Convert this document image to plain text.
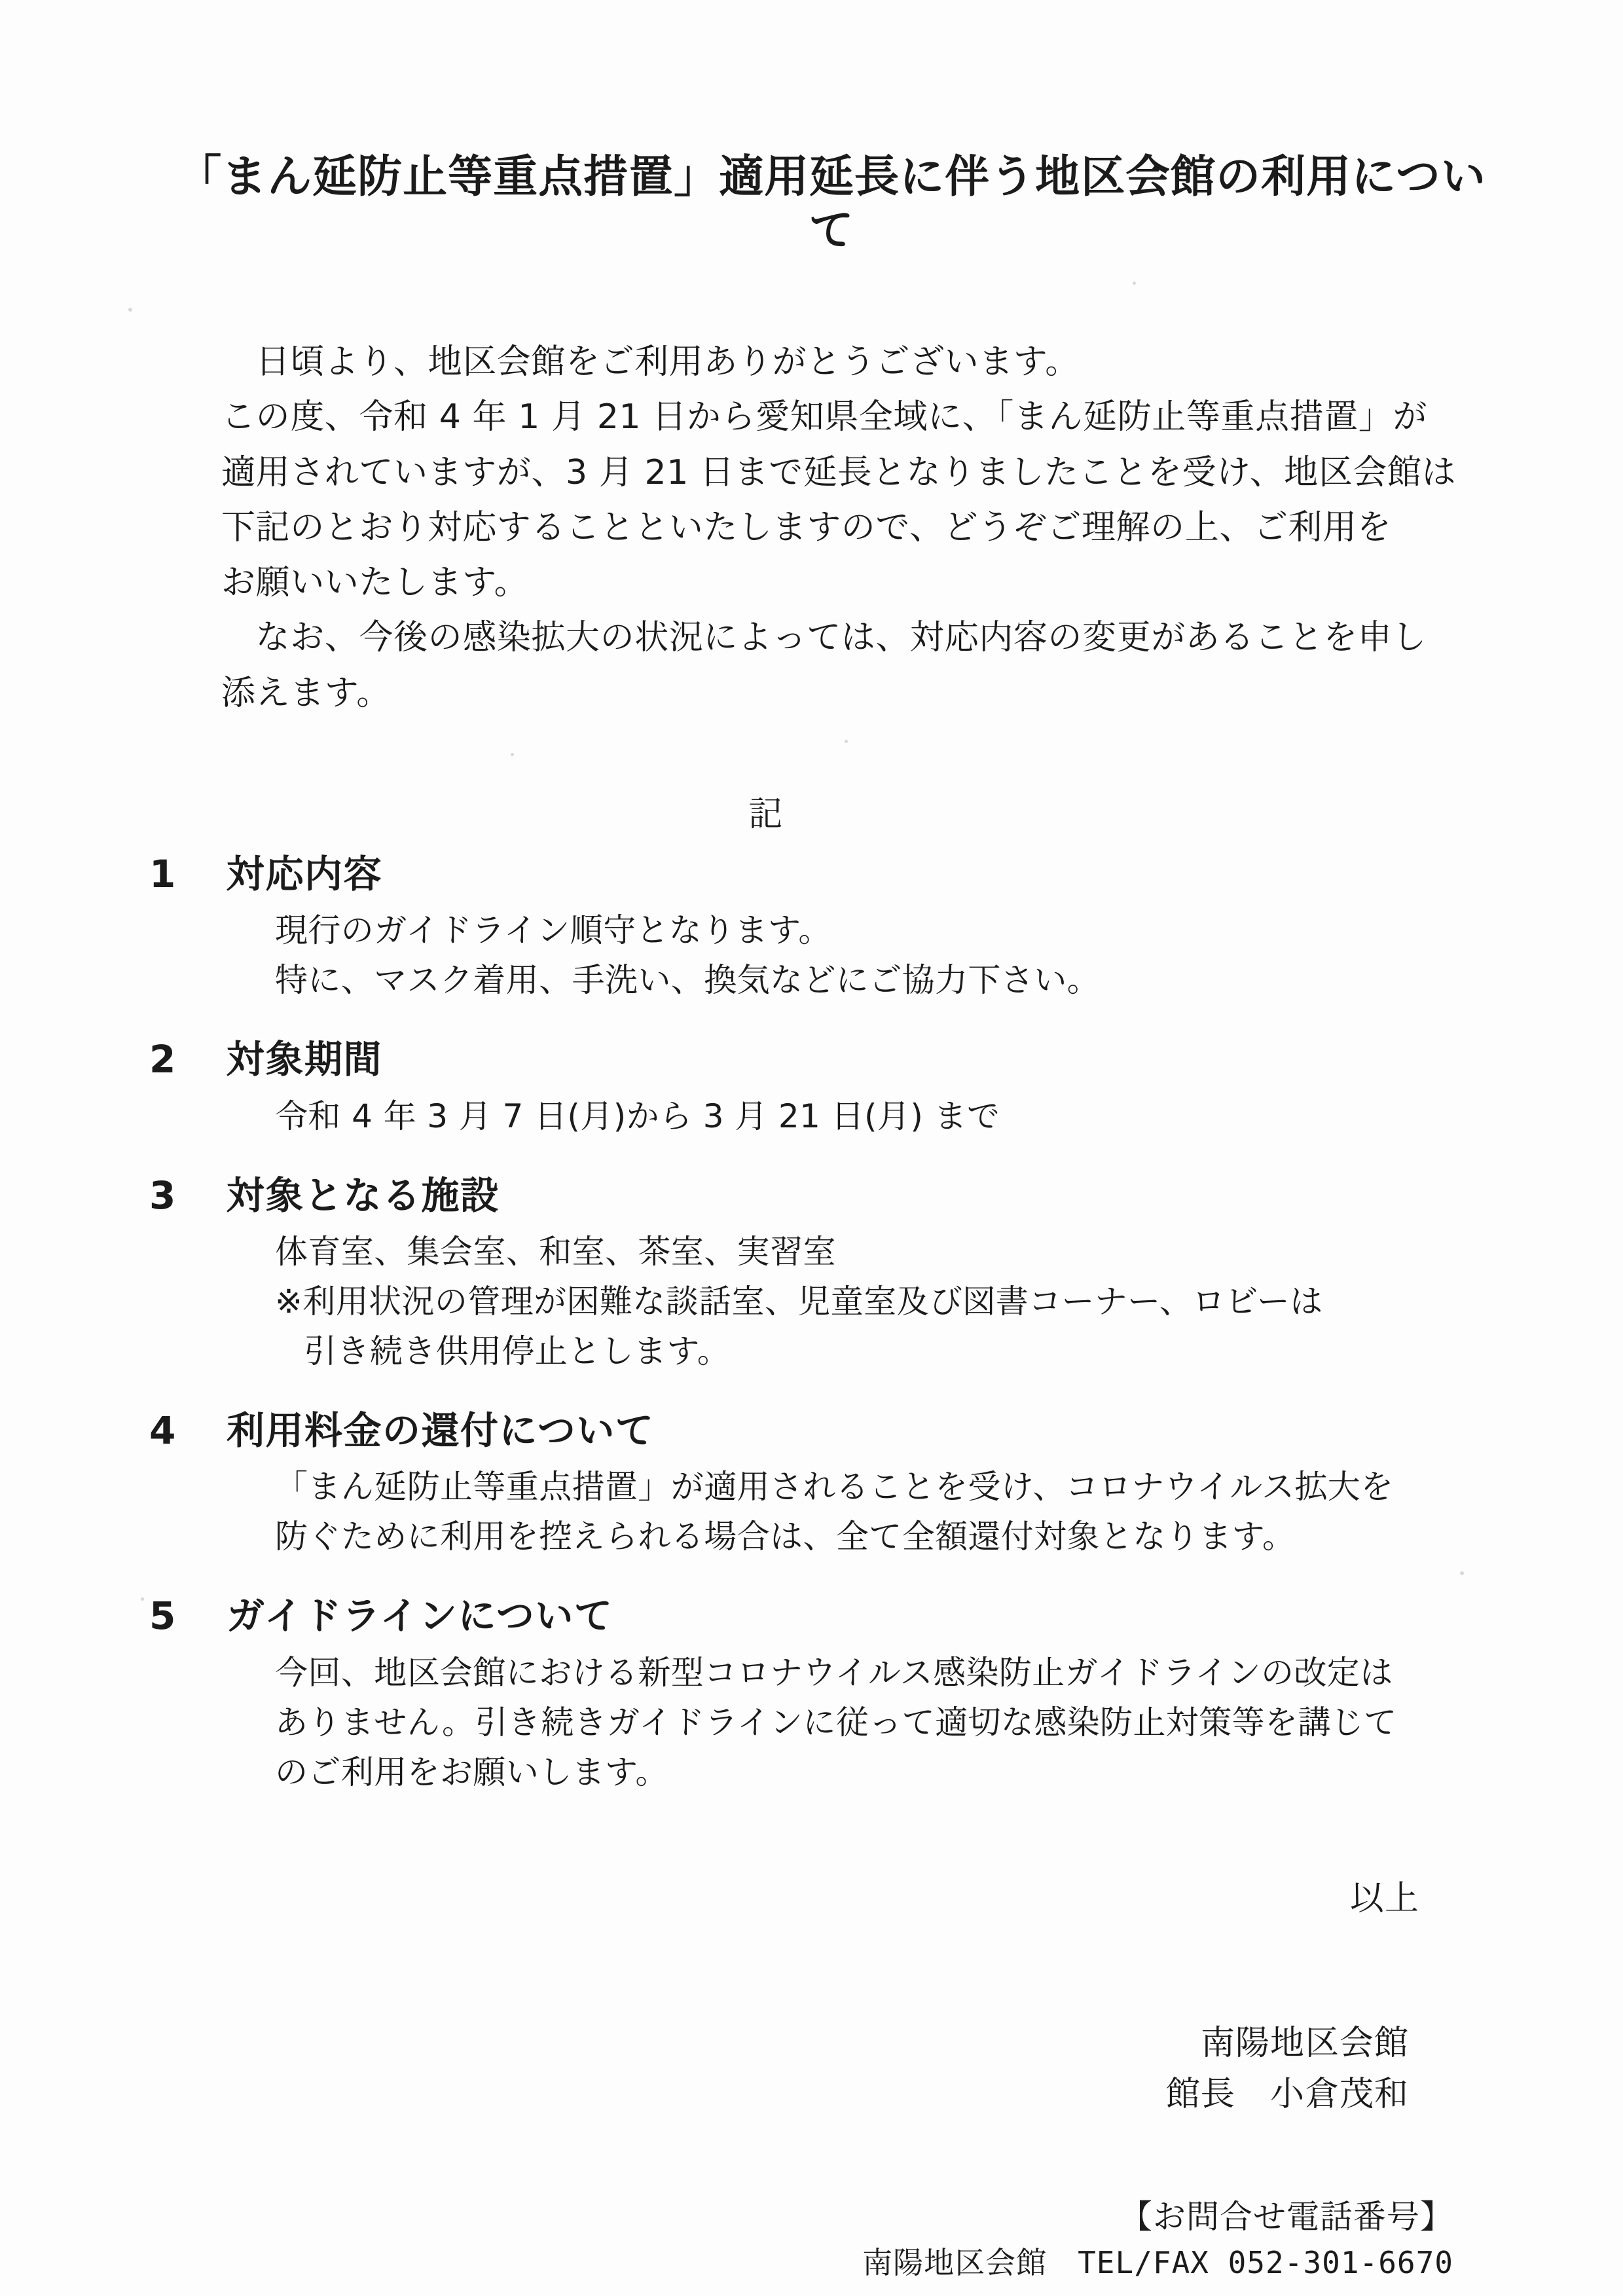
「まん延防止等重点措置」適用延長に伴う地区会館の利用について

　日頃より、地区会館をご利用ありがとうございます。

この度、令和 4 年 1 月 21 日から愛知県全域に、「まん延防止等重点措置」が

適用されていますが、3 月 21 日まで延長となりましたことを受け、地区会館は

下記のとおり対応することといたしますので、どうぞご理解の上、ご利用を

お願いいたします。

　なお、今後の感染拡大の状況によっては、対応内容の変更があることを申し

添えます。

記
1	対応内容

現行のガイドライン順守となります。

特に、マスク着用、手洗い、換気などにご協力下さい。

2	対象期間

令和 4 年 3 月 7 日(月)から 3 月 21 日(月) まで

3	対象となる施設

体育室、集会室、和室、茶室、実習室

※利用状況の管理が困難な談話室、児童室及び図書コーナー、ロビーは

引き続き供用停止とします。

4	利用料金の還付について

「まん延防止等重点措置」が適用されることを受け、コロナウイルス拡大を

防ぐために利用を控えられる場合は、全て全額還付対象となります。

5	ガイドラインについて

今回、地区会館における新型コロナウイルス感染防止ガイドラインの改定は

ありません。引き続きガイドラインに従って適切な感染防止対策等を講じて

のご利用をお願いします。

以上

南陽地区会館

館長　小倉茂和

【お問合せ電話番号】

南陽地区会館　TEL/FAX 052-301-6670
